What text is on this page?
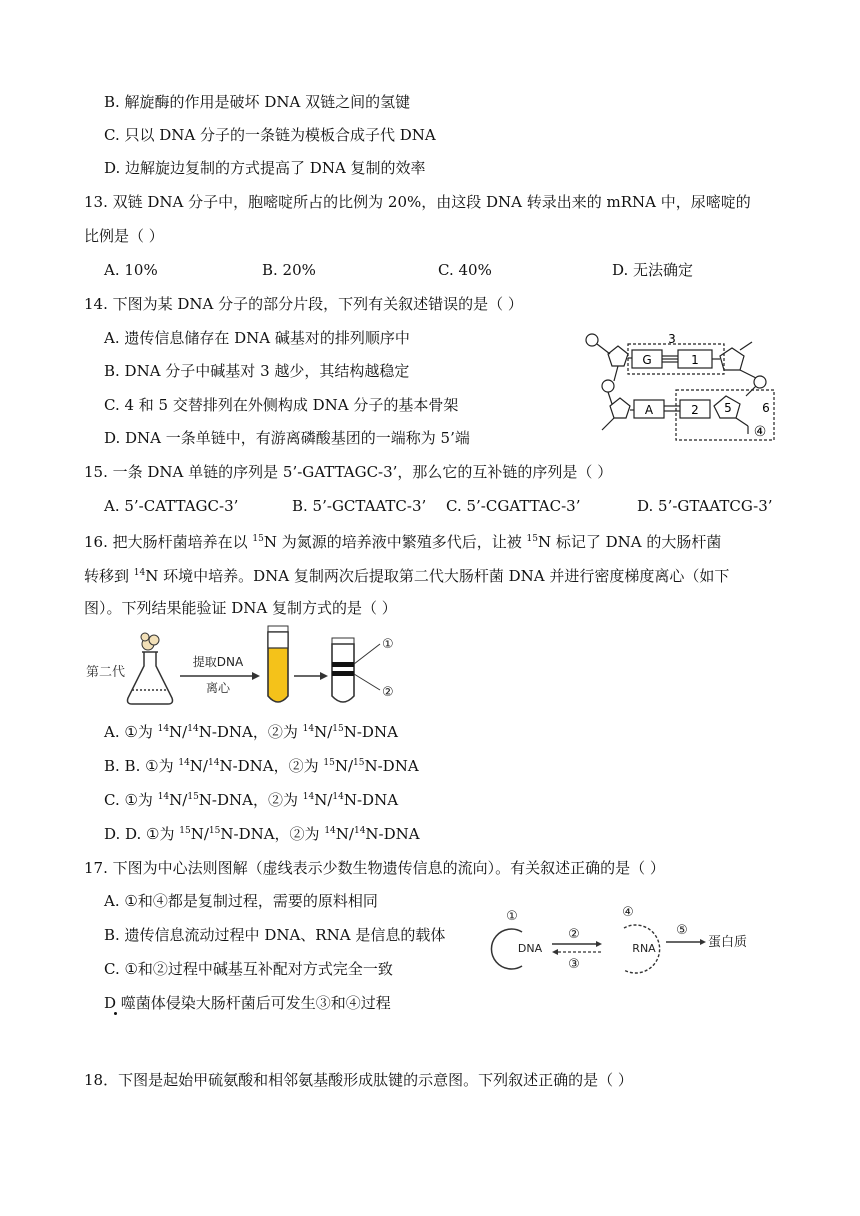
B. 解旋酶的作用是破坏 DNA 双链之间的氢键
C. 只以 DNA 分子的一条链为模板合成子代 DNA
D. 边解旋边复制的方式提高了 DNA 复制的效率
13. 双链 DNA 分子中，胞嘧啶所占的比例为 20%，由这段 DNA 转录出来的 mRNA 中，尿嘧啶的
比例是（ ）
A. 10%	B. 20%	C. 40%	D. 无法确定
14. 下图为某 DNA 分子的部分片段，下列有关叙述错误的是（ ）
A. 遗传信息储存在 DNA 碱基对的排列顺序中
B. DNA 分子中碱基对 3 越少，其结构越稳定
C. 4 和 5 交替排列在外侧构成 DNA 分子的基本骨架
D. DNA 一条单链中，有游离磷酸基团的一端称为 5’端
3
G	1
A	2 5	6
④
15. 一条 DNA 单链的序列是 5’-GATTAGC-3’，那么它的互补链的序列是（ ）
A. 5’-CATTAGC-3’	B. 5’-GCTAATC-3’ C. 5’-CGATTAC-3’	D. 5’-GTAATCG-3’
16. 把大肠杆菌培养在以 $^{15}$N 为氮源的培养液中繁殖多代后，让被 $^{15}$N 标记了 DNA 的大肠杆菌
转移到 $^{14}$N 环境中培养。DNA 复制两次后提取第二代大肠杆菌 DNA 并进行密度梯度离心（如下
图）。下列结果能验证 DNA 复制方式的是（ ）
第二代
提取DNA
离心
①
②
A. ①为 $^{14}$N/$^{14}$N-DNA，②为 $^{14}$N/$^{15}$N-DNA
B. B. ①为 $^{14}$N/$^{14}$N-DNA，②为 $^{15}$N/$^{15}$N-DNA
C. ①为 $^{14}$N/$^{15}$N-DNA，②为 $^{14}$N/$^{14}$N-DNA
D. D. ①为 $^{15}$N/$^{15}$N-DNA，②为 $^{14}$N/$^{14}$N-DNA
17. 下图为中心法则图解（虚线表示少数生物遗传信息的流向）。有关叙述正确的是（ ）
A. ①和④都是复制过程，需要的原料相同
B. 遗传信息流动过程中 DNA、RNA 是信息的载体
C. ①和②过程中碱基互补配对方式完全一致
D 噬菌体侵染大肠杆菌后可发生③和④过程
①
DNA
②
③
④
RNA
⑤
蛋白质
18．下图是起始甲硫氨酸和相邻氨基酸形成肽键的示意图。下列叙述正确的是（ ）
